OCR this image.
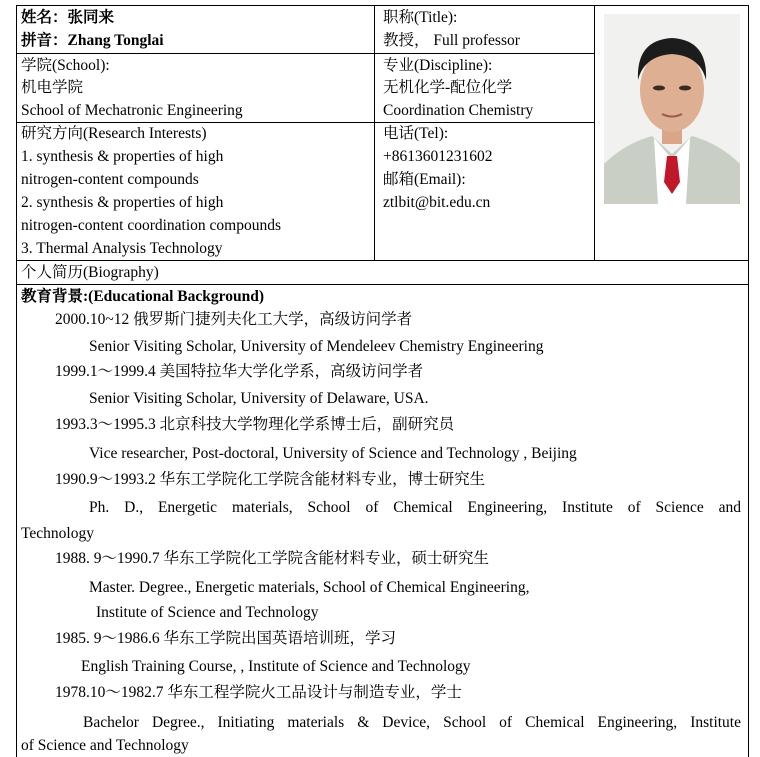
姓名：张同来
拼音：Zhang Tonglai
职称(Title):
教授， Full professor
学院(School):
机电学院
School of Mechatronic Engineering
专业(Discipline):
无机化学-配位化学
Coordination Chemistry
研究方向(Research Interests)
1. synthesis & properties of high
nitrogen-content compounds
2. synthesis & properties of high
nitrogen-content coordination compounds
3. Thermal Analysis Technology
电话(Tel):
+8613601231602
邮箱(Email):
ztlbit@bit.edu.cn
个人简历(Biography)
教育背景:(Educational Background)
2000.10~12 俄罗斯门捷列夫化工大学，高级访问学者
Senior Visiting Scholar, University of Mendeleev Chemistry Engineering
1999.1～1999.4 美国特拉华大学化学系，高级访问学者
Senior Visiting Scholar, University of Delaware, USA.
1993.3～1995.3 北京科技大学物理化学系博士后，副研究员
Vice researcher, Post-doctoral, University of Science and Technology , Beijing
1990.9～1993.2 华东工学院化工学院含能材料专业，博士研究生
Ph. D., Energetic materials, School of Chemical Engineering, Institute of Science and
Technology
1988. 9～1990.7 华东工学院化工学院含能材料专业，硕士研究生
Master. Degree., Energetic materials, School of Chemical Engineering,
Institute of Science and Technology
1985. 9～1986.6 华东工学院出国英语培训班，学习
English Training Course, , Institute of Science and Technology
1978.10～1982.7 华东工程学院火工品设计与制造专业，学士
Bachelor Degree., Initiating materials & Device, School of Chemical Engineering, Institute
of Science and Technology
